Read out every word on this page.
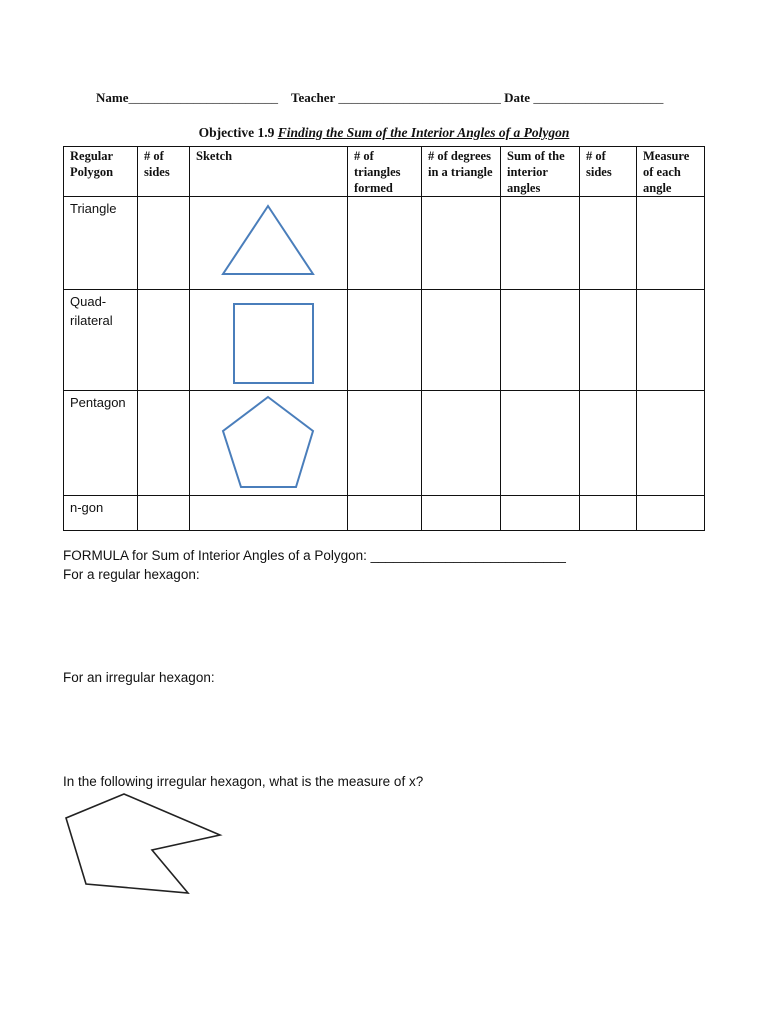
Name_______________________ Teacher _________________________ Date ____________________
Objective 1.9 Finding the Sum of the Interior Angles of a Polygon
Regular Polygon	# of sides	Sketch	# of triangles formed	# of degrees in a triangle	Sum of the interior angles	# of sides	Measure of each angle
Triangle		

Quad-
rilateral		

Pentagon		

n-gon							
FORMULA for Sum of Interior Angles of a Polygon: __________________________
For a regular hexagon:
For an irregular hexagon:
In the following irregular hexagon, what is the measure of x?
